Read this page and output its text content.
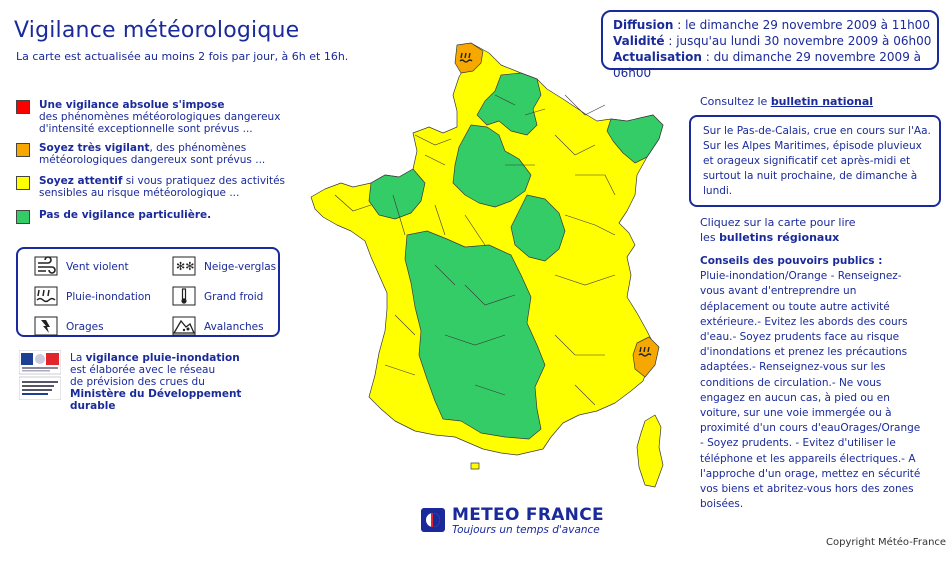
Vigilance météorologique
La carte est actualisée au moins 2 fois par jour, à 6h et 16h.
Diffusion : le dimanche 29 novembre 2009 à 11h00
Validité : jusqu'au lundi 30 novembre 2009 à 06h00
Actualisation : du dimanche 29 novembre 2009 à 06h00
Une vigilance absolue s'impose
des phénomènes météorologiques dangereux d'intensité exceptionnelle sont prévus ...
Soyez très vigilant, des phénomènes météorologiques dangereux sont prévus ...
Soyez attentif si vous pratiquez des activités sensibles au risque météorologique ...
Pas de vigilance particulière.
Vent violent	✻✻ Neige-verglas
Pluie-inondation	Grand froid
Orages	Avalanches
La vigilance pluie-inondation
est élaborée avec le réseau
de prévision des crues du
Ministère du Développement durable
Consultez le bulletin national
Sur le Pas-de-Calais, crue en cours sur l'Aa. Sur les Alpes Maritimes, épisode pluvieux et orageux significatif cet après-midi et surtout la nuit prochaine, de dimanche à lundi.
Cliquez sur la carte pour lire
les bulletins régionaux
Conseils des pouvoirs publics :
Pluie-inondation/Orange - Renseignez-vous avant d'entreprendre un déplacement ou toute autre activité extérieure.- Evitez les abords des cours d'eau.- Soyez prudents face au risque d'inondations et prenez les précautions adaptées.- Renseignez-vous sur les conditions de circulation.- Ne vous engagez en aucun cas, à pied ou en voiture, sur une voie immergée ou à proximité d'un cours d'eauOrages/Orange - Soyez prudents. - Evitez d'utiliser le téléphone et les appareils électriques.- A l'approche d'un orage, mettez en sécurité vos biens et abritez-vous hors des zones boisées.
METEO FRANCE
Toujours un temps d'avance
Copyright Météo-France
